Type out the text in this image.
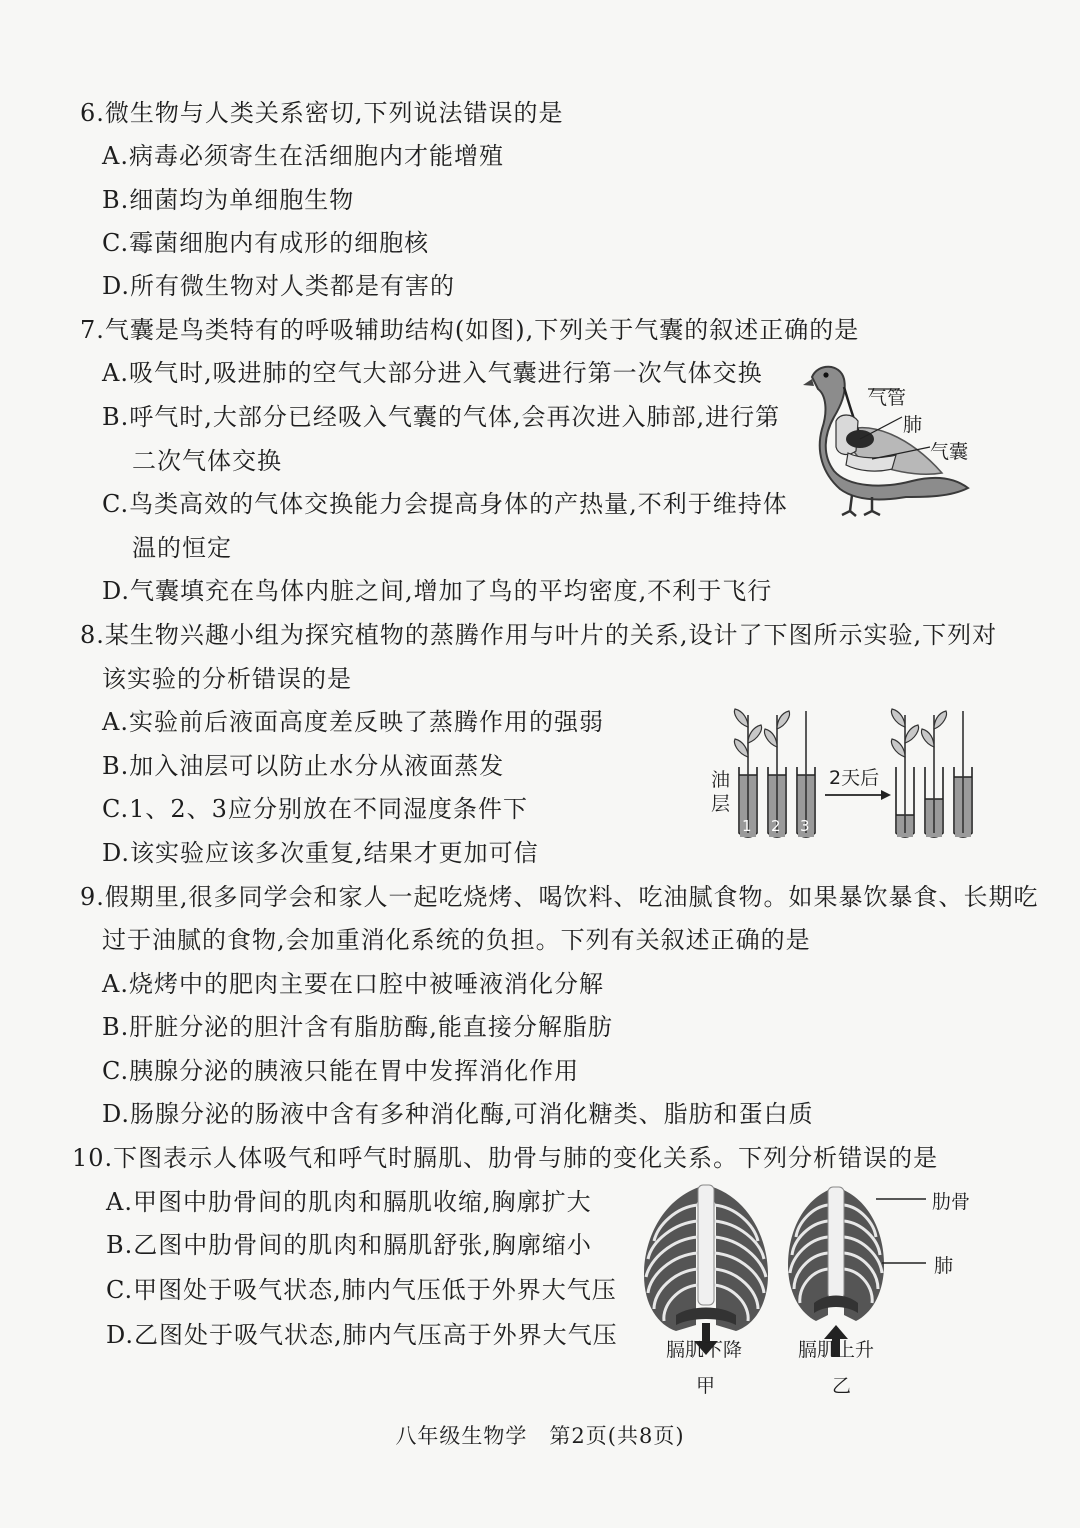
6.微生物与人类关系密切,下列说法错误的是
A.病毒必须寄生在活细胞内才能增殖
B.细菌均为单细胞生物
C.霉菌细胞内有成形的细胞核
D.所有微生物对人类都是有害的
7.气囊是鸟类特有的呼吸辅助结构(如图),下列关于气囊的叙述正确的是
A.吸气时,吸进肺的空气大部分进入气囊进行第一次气体交换
B.呼气时,大部分已经吸入气囊的气体,会再次进入肺部,进行第
二次气体交换
C.鸟类高效的气体交换能力会提高身体的产热量,不利于维持体
温的恒定
D.气囊填充在鸟体内脏之间,增加了鸟的平均密度,不利于飞行
气管
肺
气囊
8.某生物兴趣小组为探究植物的蒸腾作用与叶片的关系,设计了下图所示实验,下列对
该实验的分析错误的是
A.实验前后液面高度差反映了蒸腾作用的强弱
B.加入油层可以防止水分从液面蒸发
C.1、2、3应分别放在不同湿度条件下
D.该实验应该多次重复,结果才更加可信
油
层
2天后
1 2 3
9.假期里,很多同学会和家人一起吃烧烤、喝饮料、吃油腻食物。如果暴饮暴食、长期吃
过于油腻的食物,会加重消化系统的负担。下列有关叙述正确的是
A.烧烤中的肥肉主要在口腔中被唾液消化分解
B.肝脏分泌的胆汁含有脂肪酶,能直接分解脂肪
C.胰腺分泌的胰液只能在胃中发挥消化作用
D.肠腺分泌的肠液中含有多种消化酶,可消化糖类、脂肪和蛋白质
10.下图表示人体吸气和呼气时膈肌、肋骨与肺的变化关系。下列分析错误的是
A.甲图中肋骨间的肌肉和膈肌收缩,胸廓扩大
B.乙图中肋骨间的肌肉和膈肌舒张,胸廓缩小
C.甲图处于吸气状态,肺内气压低于外界大气压
D.乙图处于吸气状态,肺内气压高于外界大气压
肋骨
肺
膈肌下降	膈肌上升
甲	乙
八年级生物学　第2页(共8页)
